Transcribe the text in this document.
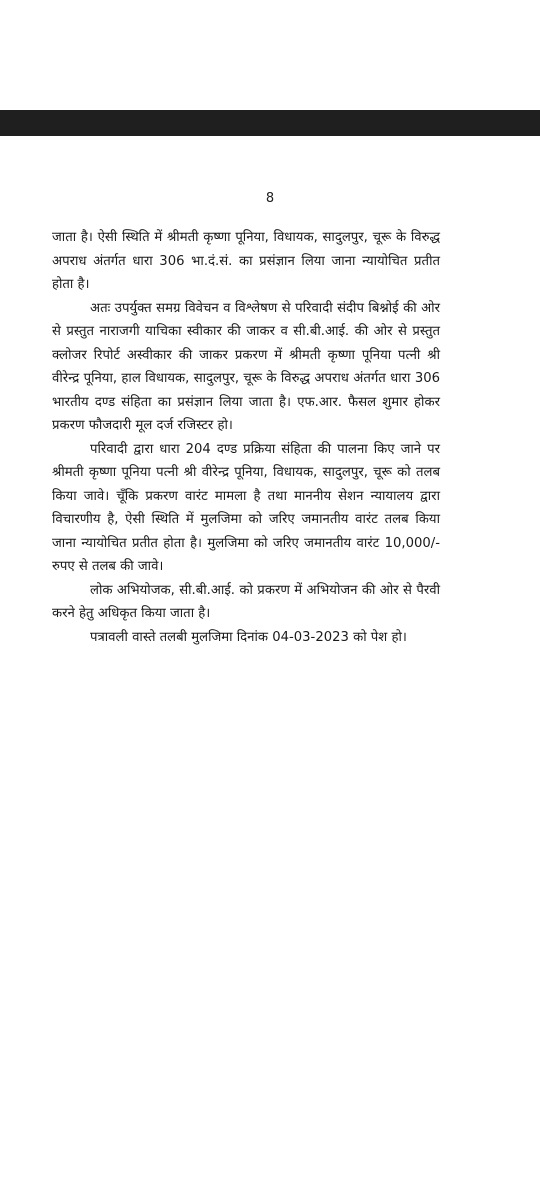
8

जाता है। ऐसी स्थिति में श्रीमती कृष्णा पूनिया, विधायक, सादुलपुर, चूरू के विरुद्ध अपराध अंतर्गत धारा 306 भा.दं.सं. का प्रसंज्ञान लिया जाना न्यायोचित प्रतीत होता है।

अतः उपर्युक्त समग्र विवेचन व विश्लेषण से परिवादी संदीप बिश्नोई की ओर से प्रस्तुत नाराजगी याचिका स्वीकार की जाकर व सी.बी.आई. की ओर से प्रस्तुत क्लोजर रिपोर्ट अस्वीकार की जाकर प्रकरण में श्रीमती कृष्णा पूनिया पत्नी श्री वीरेन्द्र पूनिया, हाल विधायक, सादुलपुर, चूरू के विरुद्ध अपराध अंतर्गत धारा 306 भारतीय दण्ड संहिता का प्रसंज्ञान लिया जाता है। एफ.आर. फैसल शुमार होकर प्रकरण फौजदारी मूल दर्ज रजिस्टर हो।

परिवादी द्वारा धारा 204 दण्ड प्रक्रिया संहिता की पालना किए जाने पर श्रीमती कृष्णा पूनिया पत्नी श्री वीरेन्द्र पूनिया, विधायक, सादुलपुर, चूरू को तलब किया जावे। चूँकि प्रकरण वारंट मामला है तथा माननीय सेशन न्यायालय द्वारा विचारणीय है, ऐसी स्थिति में मुलजिमा को जरिए जमानतीय वारंट तलब किया जाना न्यायोचित प्रतीत होता है। मुलजिमा को जरिए जमानतीय वारंट 10,000/- रुपए से तलब की जावे।

लोक अभियोजक, सी.बी.आई. को प्रकरण में अभियोजन की ओर से पैरवी करने हेतु अधिकृत किया जाता है।

पत्रावली वास्ते तलबी मुलजिमा दिनांक 04-03-2023 को पेश हो।
